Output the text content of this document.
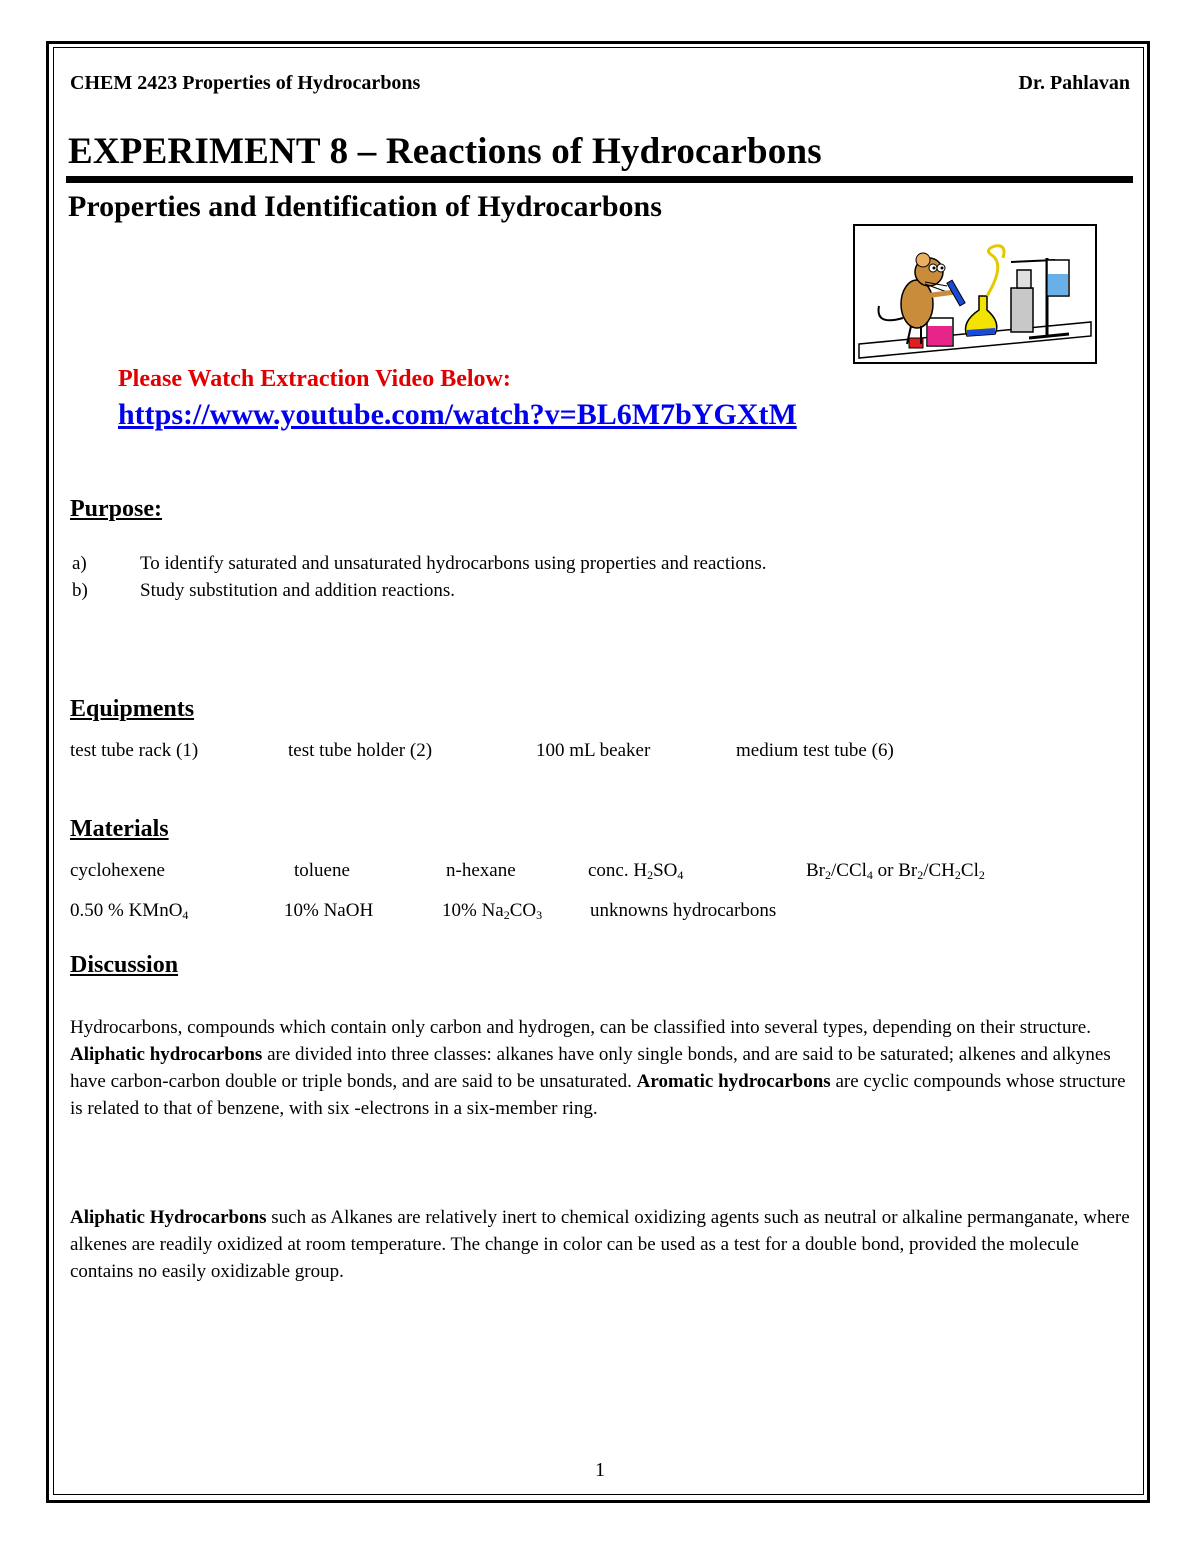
CHEM 2423 Properties of Hydrocarbons	Dr. Pahlavan
EXPERIMENT 8 – Reactions of Hydrocarbons
Properties and Identification of Hydrocarbons
Please Watch Extraction Video Below:
https://www.youtube.com/watch?v=BL6M7bYGXtM
Purpose:
a)	To identify saturated and unsaturated hydrocarbons using properties and reactions.
b)	Study substitution and addition reactions.
Equipments
test tube rack (1)	test tube holder (2)	100 mL beaker	medium test tube (6)
Materials
cyclohexene	toluene	n-hexane	conc. $H_2SO_4$	$Br_2/CCl_4$ or $Br_2/CH_2Cl_2$
0.50 % KMnO$_4$	10% NaOH	10% $Na_2CO_3$	unknowns hydrocarbons
Discussion
Hydrocarbons, compounds which contain only carbon and hydrogen, can be classified into several types, depending on their structure.  Aliphatic hydrocarbons are divided into three classes: alkanes have only single bonds, and are said to be saturated; alkenes and alkynes have carbon-carbon double or triple bonds, and are said to be unsaturated. Aromatic hydrocarbons are cyclic compounds whose structure is related to that of benzene, with six -electrons in a six-member ring.
Aliphatic Hydrocarbons such as Alkanes are relatively inert to chemical oxidizing agents such as neutral or alkaline permanganate, where alkenes are readily oxidized at room temperature. The change in color can be used as a test for a double bond, provided the molecule contains no easily oxidizable group.
1
